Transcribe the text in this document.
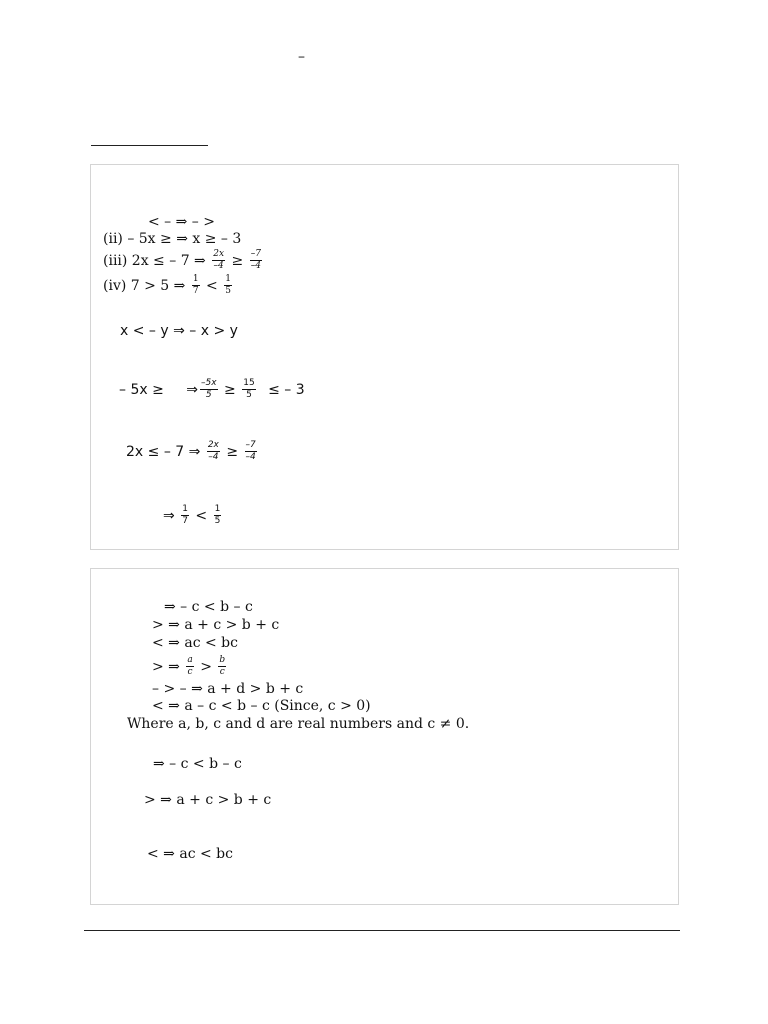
–
< – ⇒ – >
(ii) – 5x ≥ ⇒ x ≥ – 3
(iii) 2x ≤ – 7 ⇒ $\frac{2x}{-4} \ge \frac{-7}{-4}$
(iv) 7 > 5 ⇒ $\frac{1}{7} < \frac{1}{5}$
x < – y ⇒ – x > y
– 5x ≥ ⇒ $\frac{-5x}{5} \ge \frac{15}{5}$ ≤ – 3
2x ≤ – 7 ⇒ $\frac{2x}{-4} \ge \frac{-7}{-4}$
⇒ $\frac{1}{7} < \frac{1}{5}$
⇒ – c < b – c
> ⇒ a + c > b + c
< ⇒ ac < bc
> ⇒ $\frac{a}{c} > \frac{b}{c}$
– > – ⇒ a + d > b + c
< ⇒ a – c < b – c (Since, c > 0)
Where a, b, c and d are real numbers and c ≠ 0.
⇒ – c < b – c
> ⇒ a + c > b + c
< ⇒ ac < bc
